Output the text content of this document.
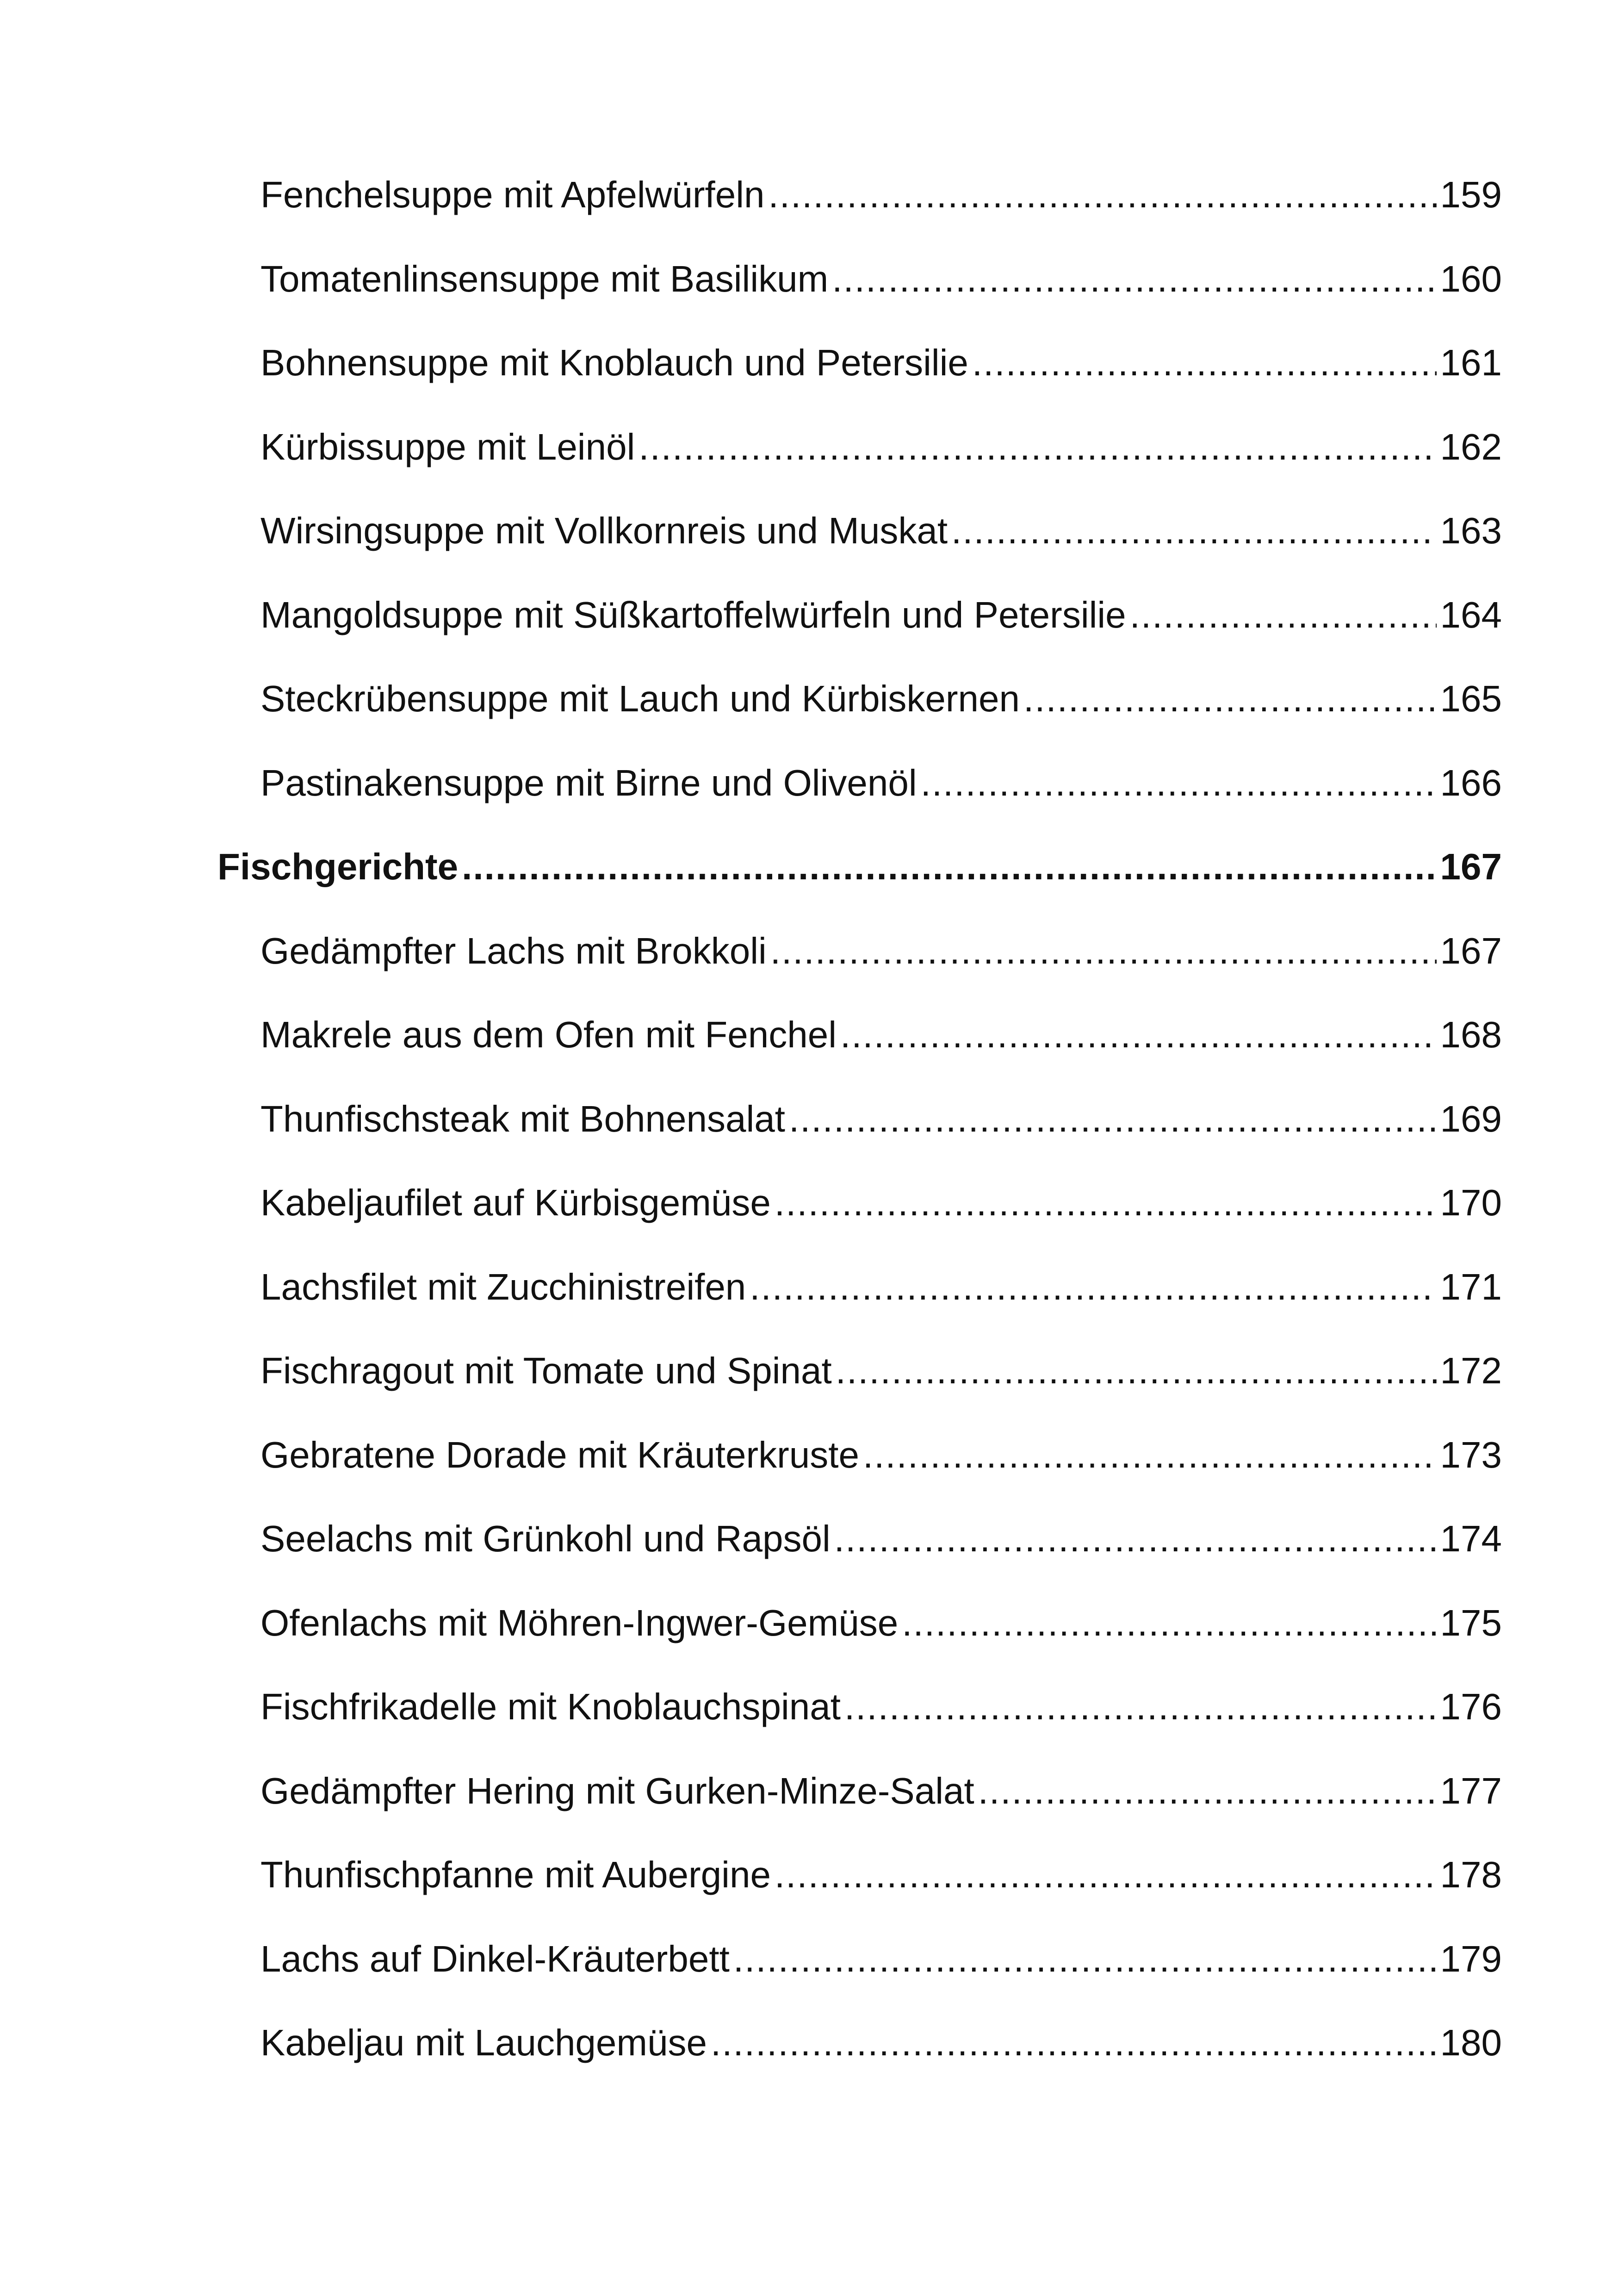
Fenchelsuppe mit Apfelwürfeln .....	159
Tomatenlinsensuppe mit Basilikum .....	160
Bohnensuppe mit Knoblauch und Petersilie .....	161
Kürbissuppe mit Leinöl .....	162
Wirsingsuppe mit Vollkornreis und Muskat .....	163
Mangoldsuppe mit Süßkartoffelwürfeln und Petersilie .....	164
Steckrübensuppe mit Lauch und Kürbiskernen .....	165
Pastinakensuppe mit Birne und Olivenöl .....	166
Fischgerichte .....	167
Gedämpfter Lachs mit Brokkoli .....	167
Makrele aus dem Ofen mit Fenchel .....	168
Thunfischsteak mit Bohnensalat .....	169
Kabeljaufilet auf Kürbisgemüse .....	170
Lachsfilet mit Zucchinistreifen .....	171
Fischragout mit Tomate und Spinat .....	172
Gebratene Dorade mit Kräuterkruste .....	173
Seelachs mit Grünkohl und Rapsöl .....	174
Ofenlachs mit Möhren-Ingwer-Gemüse .....	175
Fischfrikadelle mit Knoblauchspinat .....	176
Gedämpfter Hering mit Gurken-Minze-Salat .....	177
Thunfischpfanne mit Aubergine .....	178
Lachs auf Dinkel-Kräuterbett .....	179
Kabeljau mit Lauchgemüse .....	180
